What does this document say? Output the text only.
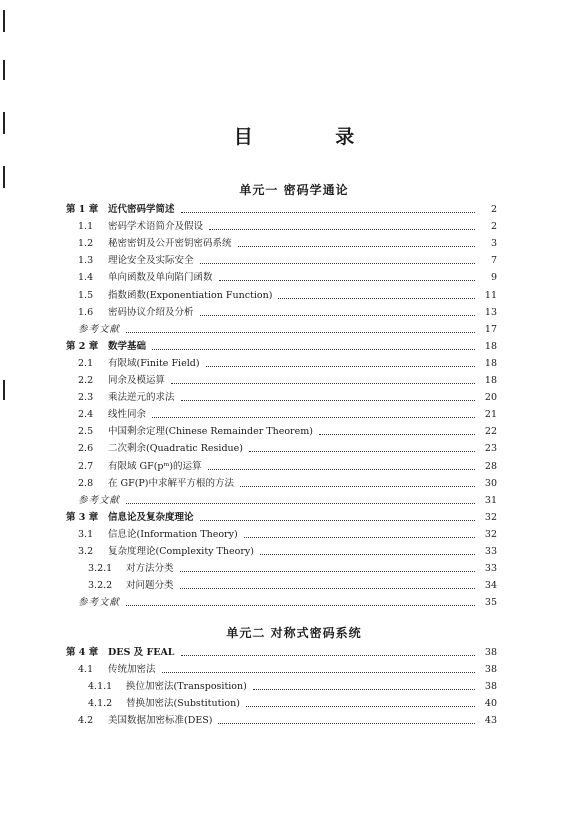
目 录
单元一 密码学通论
第 1 章	近代密码学简述	2
1.1	密码学术语简介及假设	2
1.2	秘密密钥及公开密钥密码系统	3
1.3	理论安全及实际安全	7
1.4	单向函数及单向陷门函数	9
1.5	指数函数(Exponentiation Function)	11
1.6	密码协议介绍及分析	13
参考文献	17
第 2 章	数学基础	18
2.1	有限域(Finite Field)	18
2.2	同余及模运算	18
2.3	乘法逆元的求法	20
2.4	线性同余	21
2.5	中国剩余定理(Chinese Remainder Theorem)	22
2.6	二次剩余(Quadratic Residue)	23
2.7	有限域 GF(pᵐ)的运算	28
2.8	在 GF(P)中求解平方根的方法	30
参考文献	31
第 3 章	信息论及复杂度理论	32
3.1	信息论(Information Theory)	32
3.2	复杂度理论(Complexity Theory)	33
3.2.1	对方法分类	33
3.2.2	对问题分类	34
参考文献	35
单元二 对称式密码系统
第 4 章	DES 及 FEAL	38
4.1	传统加密法	38
4.1.1	换位加密法(Transposition)	38
4.1.2	替换加密法(Substitution)	40
4.2	美国数据加密标准(DES)	43
